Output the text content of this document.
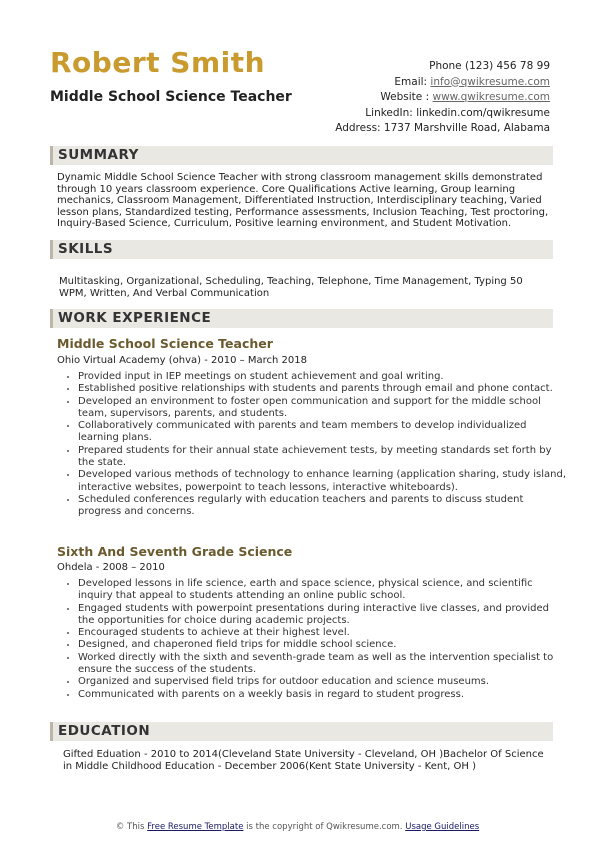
Robert Smith
Middle School Science Teacher
Phone (123) 456 78 99
Email: info@qwikresume.com
Website : www.qwikresume.com
LinkedIn: linkedin.com/qwikresume
Address: 1737 Marshville Road, Alabama
SUMMARY
Dynamic Middle School Science Teacher with strong classroom management skills demonstrated through 10 years classroom experience. Core Qualifications Active learning, Group learning mechanics, Classroom Management, Differentiated Instruction, Interdisciplinary teaching, Varied lesson plans, Standardized testing, Performance assessments, Inclusion Teaching, Test proctoring, Inquiry-Based Science, Curriculum, Positive learning environment, and Student Motivation.
SKILLS
Multitasking, Organizational, Scheduling, Teaching, Telephone, Time Management, Typing 50 WPM, Written, And Verbal Communication
WORK EXPERIENCE
Middle School Science Teacher
Ohio Virtual Academy (ohva) - 2010 – March 2018
• Provided input in IEP meetings on student achievement and goal writing.
• Established positive relationships with students and parents through email and phone contact.
• Developed an environment to foster open communication and support for the middle school team, supervisors, parents, and students.
• Collaboratively communicated with parents and team members to develop individualized learning plans.
• Prepared students for their annual state achievement tests, by meeting standards set forth by the state.
• Developed various methods of technology to enhance learning (application sharing, study island, interactive websites, powerpoint to teach lessons, interactive whiteboards).
• Scheduled conferences regularly with education teachers and parents to discuss student progress and concerns.
Sixth And Seventh Grade Science
Ohdela - 2008 – 2010
• Developed lessons in life science, earth and space science, physical science, and scientific inquiry that appeal to students attending an online public school.
• Engaged students with powerpoint presentations during interactive live classes, and provided the opportunities for choice during academic projects.
• Encouraged students to achieve at their highest level.
• Designed, and chaperoned field trips for middle school science.
• Worked directly with the sixth and seventh-grade team as well as the intervention specialist to ensure the success of the students.
• Organized and supervised field trips for outdoor education and science museums.
• Communicated with parents on a weekly basis in regard to student progress.
EDUCATION
Gifted Eduation - 2010 to 2014(Cleveland State University - Cleveland, OH )Bachelor Of Science in Middle Childhood Education - December 2006(Kent State University - Kent, OH )
© This Free Resume Template is the copyright of Qwikresume.com. Usage Guidelines
